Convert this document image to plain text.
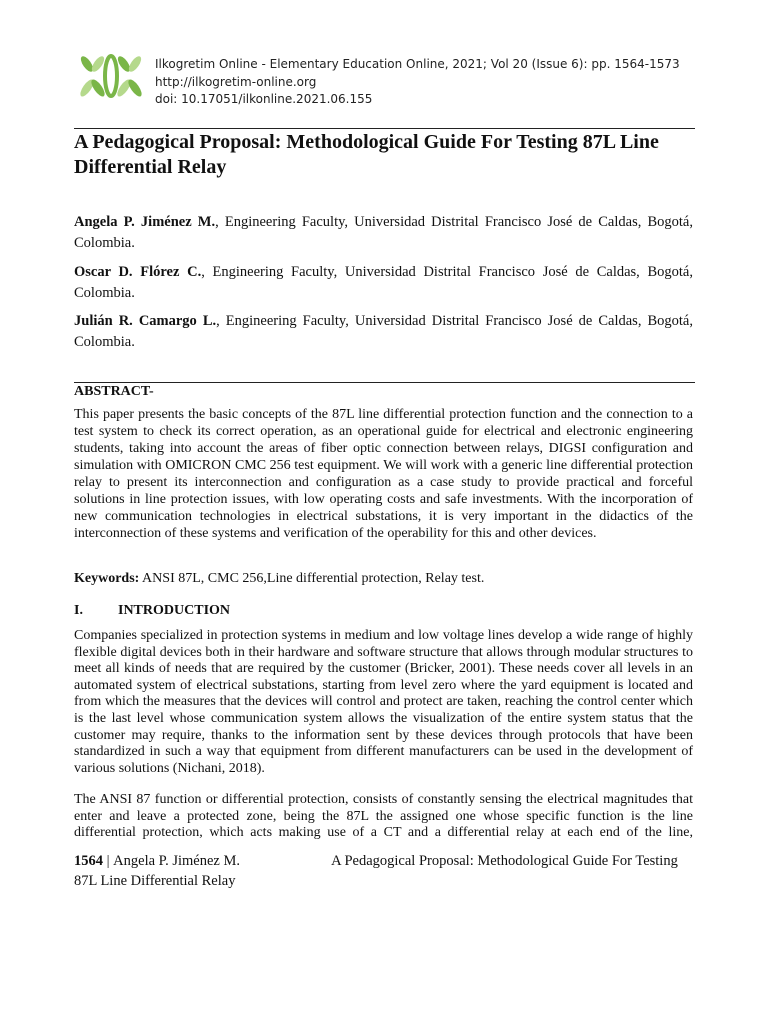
Ilkogretim Online - Elementary Education Online, 2021; Vol 20 (Issue 6): pp. 1564-1573
http://ilkogretim-online.org
doi: 10.17051/ilkonline.2021.06.155
A Pedagogical Proposal: Methodological Guide For Testing 87L Line Differential Relay
Angela P. Jiménez M., Engineering Faculty, Universidad Distrital Francisco José de Caldas, Bogotá, Colombia.
Oscar D. Flórez C., Engineering Faculty, Universidad Distrital Francisco José de Caldas, Bogotá, Colombia.
Julián R. Camargo L., Engineering Faculty, Universidad Distrital Francisco José de Caldas, Bogotá, Colombia.
ABSTRACT-

This paper presents the basic concepts of the 87L line differential protection function and the connection to a test system to check its correct operation, as an operational guide for electrical and electronic engineering students, taking into account the areas of fiber optic connection between relays, DIGSI configuration and simulation with OMICRON CMC 256 test equipment. We will work with a generic line differential protection relay to present its interconnection and configuration as a case study to provide practical and forceful solutions in line protection issues, with low operating costs and safe investments. With the incorporation of new communication technologies in electrical substations, it is very important in the didactics of the interconnection of these systems and verification of the operability for this and other devices.

Keywords: ANSI 87L, CMC 256,Line differential protection, Relay test.
I.	INTRODUCTION

Companies specialized in protection systems in medium and low voltage lines develop a wide range of highly flexible digital devices both in their hardware and software structure that allows through modular structures to meet all kinds of needs that are required by the customer (Bricker, 2001). These needs cover all levels in an automated system of electrical substations, starting from level zero where the yard equipment is located and from which the measures that the devices will control and protect are taken, reaching the control center which is the last level whose communication system allows the visualization of the entire system status that the customer may require, thanks to the information sent by these devices through protocols that have been standardized in such a way that equipment from different manufacturers can be used in the development of various solutions (Nichani, 2018).

The ANSI 87 function or differential protection, consists of constantly sensing the electrical magnitudes that enter and leave a protected zone, being the 87L the assigned one whose specific function is the line differential protection, which acts making use of a CT and a differential relay at each end of the line,

1564 | Angela P. Jiménez M.	A Pedagogical Proposal: Methodological Guide For Testing
87L Line Differential Relay
